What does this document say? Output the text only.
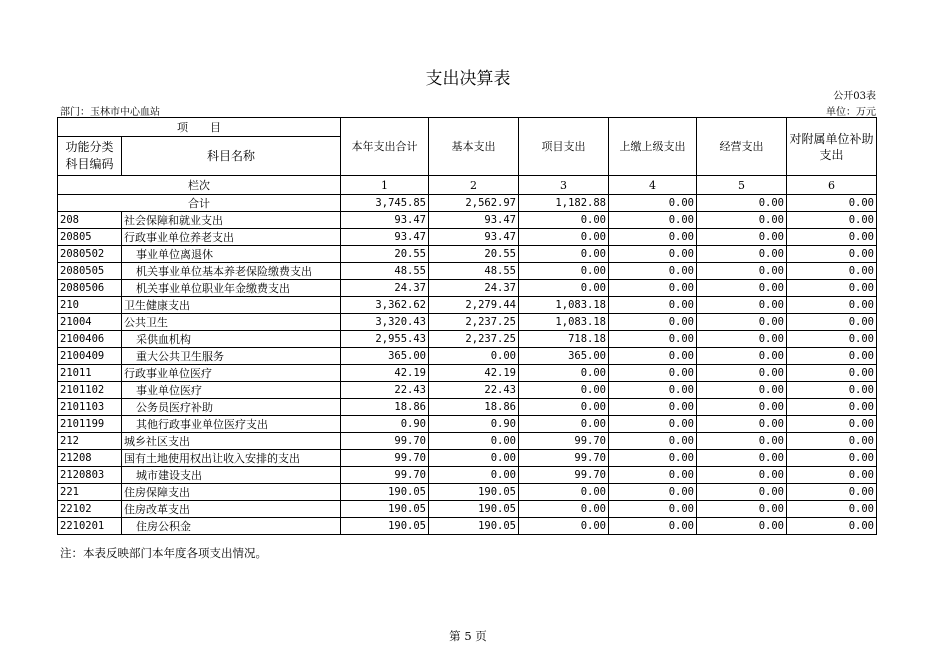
支出决算表
公开03表
部门：玉林市中心血站	单位：万元
项　　目		本年支出合计	基本支出	项目支出	上缴上级支出	经营支出	对附属单位补助支出
功能分类科目编码	科目名称						
栏次		1	2	3	4	5	6
合计		3,745.85	2,562.97	1,182.88	0.00	0.00	0.00
208	社会保障和就业支出	93.47	93.47	0.00	0.00	0.00	0.00
20805	行政事业单位养老支出	93.47	93.47	0.00	0.00	0.00	0.00
2080502	事业单位离退休	20.55	20.55	0.00	0.00	0.00	0.00
2080505	机关事业单位基本养老保险缴费支出	48.55	48.55	0.00	0.00	0.00	0.00
2080506	机关事业单位职业年金缴费支出	24.37	24.37	0.00	0.00	0.00	0.00
210	卫生健康支出	3,362.62	2,279.44	1,083.18	0.00	0.00	0.00
21004	公共卫生	3,320.43	2,237.25	1,083.18	0.00	0.00	0.00
2100406	采供血机构	2,955.43	2,237.25	718.18	0.00	0.00	0.00
2100409	重大公共卫生服务	365.00	0.00	365.00	0.00	0.00	0.00
21011	行政事业单位医疗	42.19	42.19	0.00	0.00	0.00	0.00
2101102	事业单位医疗	22.43	22.43	0.00	0.00	0.00	0.00
2101103	公务员医疗补助	18.86	18.86	0.00	0.00	0.00	0.00
2101199	其他行政事业单位医疗支出	0.90	0.90	0.00	0.00	0.00	0.00
212	城乡社区支出	99.70	0.00	99.70	0.00	0.00	0.00
21208	国有土地使用权出让收入安排的支出	99.70	0.00	99.70	0.00	0.00	0.00
2120803	城市建设支出	99.70	0.00	99.70	0.00	0.00	0.00
221	住房保障支出	190.05	190.05	0.00	0.00	0.00	0.00
22102	住房改革支出	190.05	190.05	0.00	0.00	0.00	0.00
2210201	住房公积金	190.05	190.05	0.00	0.00	0.00	0.00
注：本表反映部门本年度各项支出情况。
第 5 页
